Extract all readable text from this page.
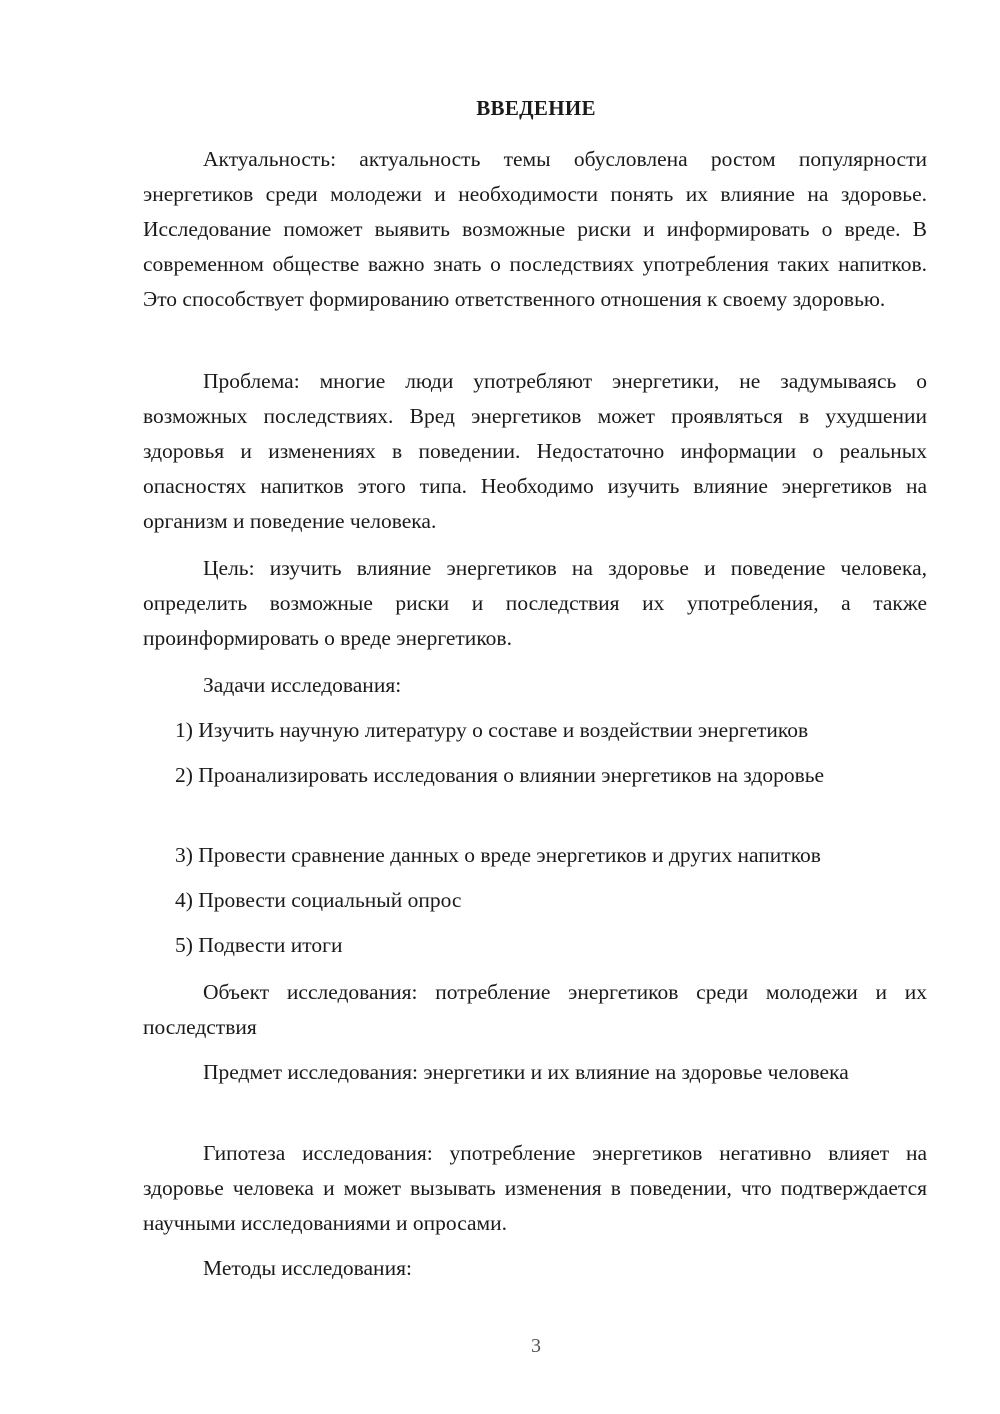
ВВЕДЕНИЕ

Актуальность: актуальность темы обусловлена ростом популярности энергетиков среди молодежи и необходимости понять их влияние на здоровье. Исследование поможет выявить возможные риски и информировать о вреде. В современном обществе важно знать о последствиях употребления таких напитков. Это способствует формированию ответственного отношения к своему здоровью.

Проблема: многие люди употребляют энергетики, не задумываясь о возможных последствиях. Вред энергетиков может проявляться в ухудшении здоровья и изменениях в поведении. Недостаточно информации о реальных опасностях напитков этого типа. Необходимо изучить влияние энергетиков на организм и поведение человека.

Цель: изучить влияние энергетиков на здоровье и поведение человека, определить возможные риски и последствия их употребления, а также проинформировать о вреде энергетиков.

Задачи исследования:

1) Изучить научную литературу о составе и воздействии энергетиков

2) Проанализировать исследования о влиянии энергетиков на здоровье

3) Провести сравнение данных о вреде энергетиков и других напитков

4) Провести социальный опрос

5) Подвести итоги

Объект исследования: потребление энергетиков среди молодежи и их последствия

Предмет исследования: энергетики и их влияние на здоровье человека

Гипотеза исследования: употребление энергетиков негативно влияет на здоровье человека и может вызывать изменения в поведении, что подтверждается научными исследованиями и опросами.

Методы исследования:

3
